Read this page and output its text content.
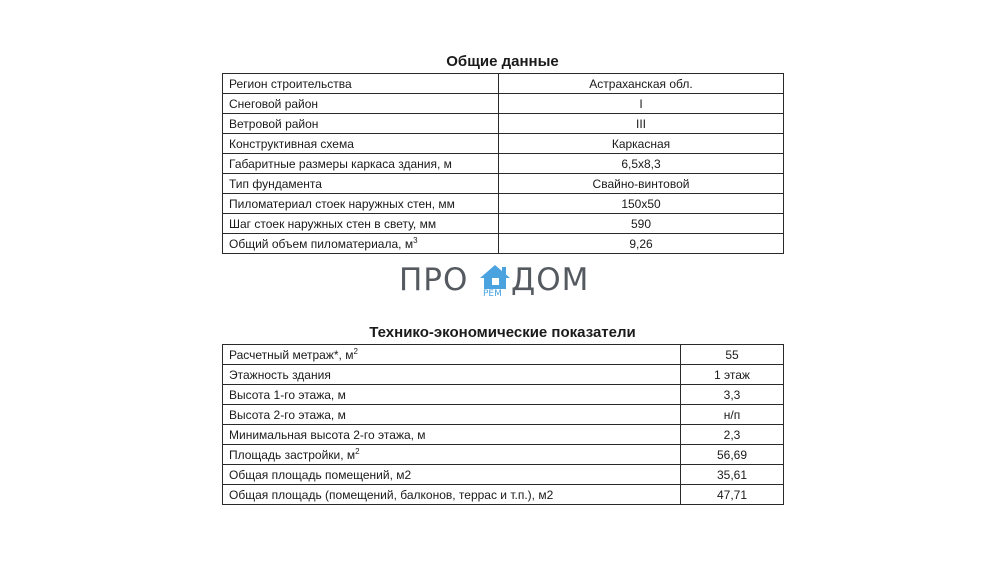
Общие данные
Регион строительства	Астраханская обл.
Снеговой район	I
Ветровой район	III
Конструктивная схема	Каркасная
Габаритные размеры каркаса здания, м	6,5х8,3
Тип фундамента	Свайно-винтовой
Пиломатериал стоек наружных стен, мм	150х50
Шаг стоек наружных стен в свету, мм	590
Общий объем пиломатериала, $м^3$	9,26
ПРО РЕМ ДОМ
Технико-экономические показатели
Расчетный метраж*, $м^2$	55
Этажность здания	1 этаж
Высота 1-го этажа, м	3,3
Высота 2-го этажа, м	н/п
Минимальная высота 2-го этажа, м	2,3
Площадь застройки, $м^2$	56,69
Общая площадь помещений, м2	35,61
Общая площадь (помещений, балконов, террас и т.п.), м2	47,71
